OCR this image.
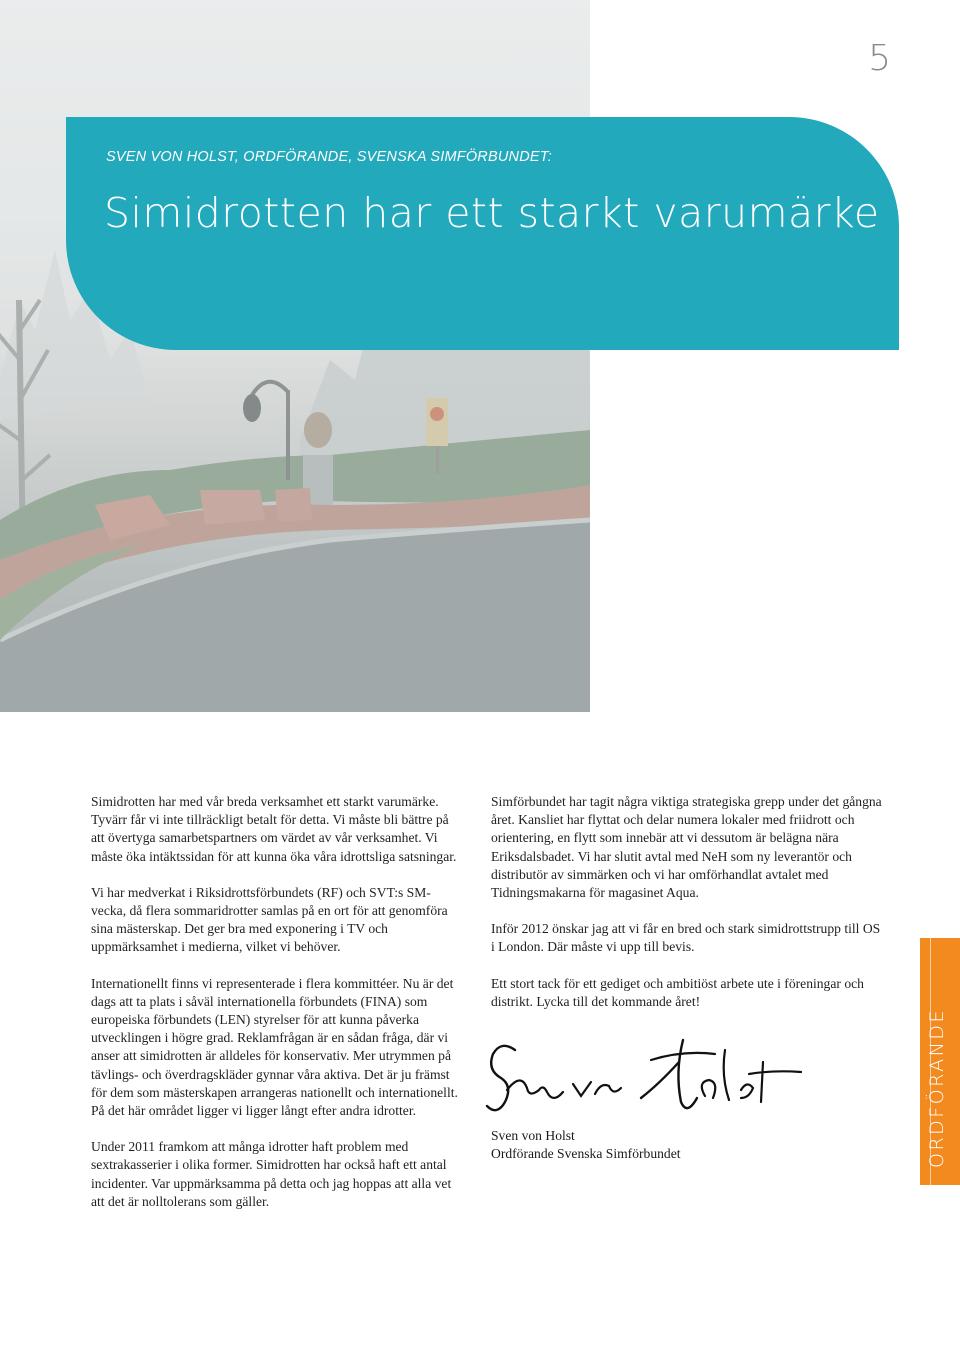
5
SVEN VON HOLST, ORDFÖRANDE, SVENSKA SIMFÖRBUNDET:
Simidrotten har ett starkt varumärke

Simidrotten har med vår breda verksamhet ett starkt varumärke. Tyvärr får vi inte tillräckligt betalt för detta. Vi måste bli bättre på att övertyga samarbetspartners om värdet av vår verksamhet. Vi måste öka intäktssidan för att kunna öka våra idrottsliga satsningar.

Vi har medverkat i Riksidrottsförbundets (RF) och SVT:s SM-vecka, då flera sommaridrotter samlas på en ort för att genomföra sina mästerskap. Det ger bra med exponering i TV och uppmärksamhet i medierna, vilket vi behöver.

Internationellt finns vi representerade i flera kommittéer. Nu är det dags att ta plats i såväl internationella förbundets (FINA) som europeiska förbundets (LEN) styrelser för att kunna påverka utvecklingen i högre grad. Reklamfrågan är en sådan fråga, där vi anser att simidrotten är alldeles för konservativ. Mer utrymmen på tävlings- och överdragskläder gynnar våra aktiva. Det är ju främst för dem som mästerskapen arrangeras nationellt och internationellt. På det här området ligger vi ligger långt efter andra idrotter.

Under 2011 framkom att många idrotter haft problem med sextrakasserier i olika former. Simidrotten har också haft ett antal incidenter. Var uppmärksamma på detta och jag hoppas att alla vet att det är nolltolerans som gäller.

Simförbundet har tagit några viktiga strategiska grepp under det gångna året. Kansliet har flyttat och delar numera lokaler med friidrott och orientering, en flytt som innebär att vi dessutom är belägna nära Eriksdalsbadet. Vi har slutit avtal med NeH som ny leverantör och distributör av simmärken och vi har omförhandlat avtalet med Tidningsmakarna för magasinet Aqua.

Inför 2012 önskar jag att vi får en bred och stark simidrottstrupp till OS i London. Där måste vi upp till bevis.

Ett stort tack för ett gediget och ambitiöst arbete ute i föreningar och distrikt. Lycka till det kommande året!

Sven von Holst
Ordförande Svenska Simförbundet	ORDFÖRANDE
